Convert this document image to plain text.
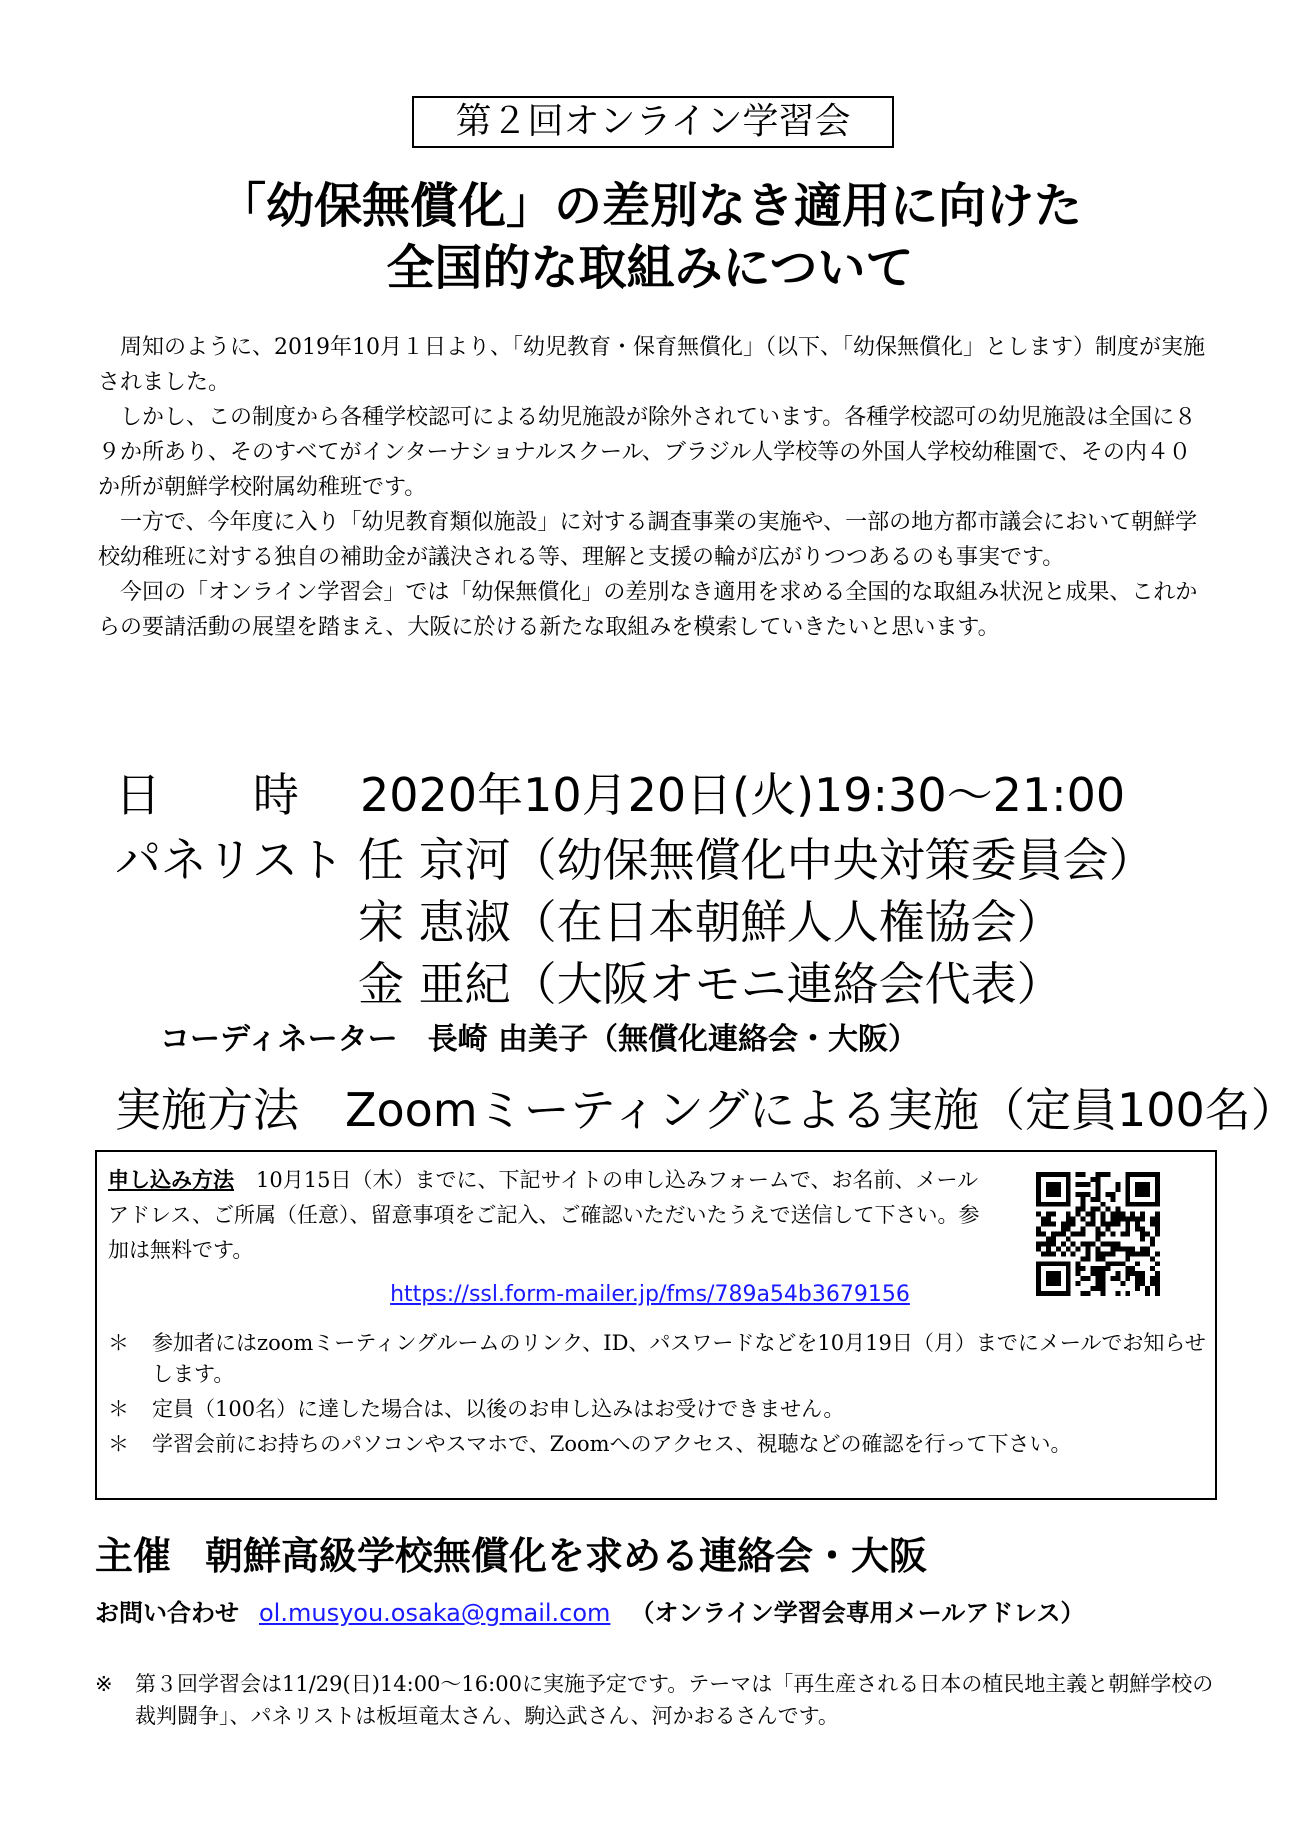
第２回オンライン学習会
「幼保無償化」の差別なき適用に向けた
全国的な取組みについて

周知のように、2019年10月１日より、「幼児教育・保育無償化」（以下、「幼保無償化」とします）制度が実施されました。

しかし、この制度から各種学校認可による幼児施設が除外されています。各種学校認可の幼児施設は全国に８９か所あり、そのすべてがインターナショナルスクール、ブラジル人学校等の外国人学校幼稚園で、その内４０か所が朝鮮学校附属幼稚班です。

一方で、今年度に入り「幼児教育類似施設」に対する調査事業の実施や、一部の地方都市議会において朝鮮学校幼稚班に対する独自の補助金が議決される等、理解と支援の輪が広がりつつあるのも事実です。

今回の「オンライン学習会」では「幼保無償化」の差別なき適用を求める全国的な取組み状況と成果、これからの要請活動の展望を踏まえ、大阪に於ける新たな取組みを模索していきたいと思います。

日　　時 2020年10月20日(火)19:30～21:00
パネリスト 任 京河（幼保無償化中央対策委員会）
宋 恵淑（在日本朝鮮人人権協会）
金 亜紀（大阪オモニ連絡会代表）
コーディネーター　長崎 由美子（無償化連絡会・大阪）
実施方法　Zoomミーティングによる実施（定員100名）
申し込み方法 10月15日（木）までに、下記サイトの申し込みフォームで、お名前、メールアドレス、ご所属（任意）、留意事項をご記入、ご確認いただいたうえで送信して下さい。参加は無料です。
https://ssl.form-mailer.jp/fms/789a54b3679156
＊	参加者にはzoomミーティングルームのリンク、ID、パスワードなどを10月19日（月）までにメールでお知らせします。
＊	定員（100名）に達した場合は、以後のお申し込みはお受けできません。
＊	学習会前にお持ちのパソコンやスマホで、Zoomへのアクセス、視聴などの確認を行って下さい。
主催 朝鮮高級学校無償化を求める連絡会・大阪
お問い合わせ ol.musyou.osaka@gmail.com （オンライン学習会専用メールアドレス）
※	第３回学習会は11/29(日)14:00～16:00に実施予定です。テーマは「再生産される日本の植民地主義と朝鮮学校の裁判闘争」、パネリストは板垣竜太さん、駒込武さん、河かおるさんです。
